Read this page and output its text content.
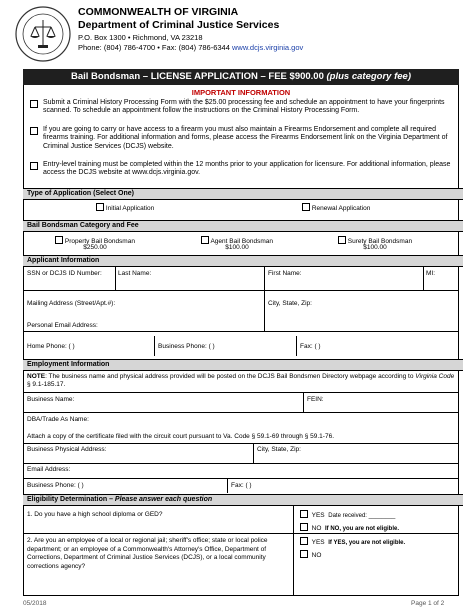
COMMONWEALTH OF VIRGINIA
Department of Criminal Justice Services
P.O. Box 1300 • Richmond, VA 23218
Phone: (804) 786-4700 • Fax: (804) 786-6344 www.dcjs.virginia.gov
Bail Bondsman – LICENSE APPLICATION – FEE $900.00 (plus category fee)
IMPORTANT INFORMATION
Submit a Criminal History Processing Form with the $25.00 processing fee and schedule an appointment to have your fingerprints scanned. To schedule an appointment follow the instructions on the Criminal History Processing Form.
If you are going to carry or have access to a firearm you must also maintain a Firearms Endorsement and complete all required firearms training. For additional information and forms, please access the Firearms Endorsement link on the Virginia Department of Criminal Justice Services (DCJS) website.
Entry-level training must be completed within the 12 months prior to your application for licensure. For additional information, please access the DCJS website at www.dcjs.virginia.gov.
Type of Application (Select One)
Initial Application	Renewal Application
Bail Bondsman Category and Fee
Property Bail Bondsman
$250.00
Agent Bail Bondsman
$100.00
Surety Bail Bondsman
$100.00
Applicant Information
SSN or DCJS ID Number: Last Name:	First Name:	MI:
Mailing Address (Street/Apt.#):	City, State, Zip:
Personal Email Address:
Home Phone: ( )	Business Phone: ( )	Fax: ( )
Employment Information
NOTE: The business name and physical address provided will be posted on the DCJS Bail Bondsmen Directory webpage according to Virginia Code § 9.1-185.17.
Business Name:	FEIN:
DBA/Trade As Name:
Attach a copy of the certificate filed with the circuit court pursuant to Va. Code § 59.1-69 through § 59.1-76.
Business Physical Address:	City, State, Zip:
Email Address:
Business Phone: ( )	Fax: ( )
Eligibility Determination – Please answer each question
1. Do you have a high school diploma or GED?	YES Date received: ________
NO If NO, you are not eligible.
2. Are you an employee of a local or regional jail; sheriff's office; state or local police department; or an employee of a Commonwealth's Attorney's Office, Department of Corrections, Department of Criminal Justice Services (DCJS), or a local community corrections agency?
YES If YES, you are not eligible.
NO
05/2018	Page 1 of 2
